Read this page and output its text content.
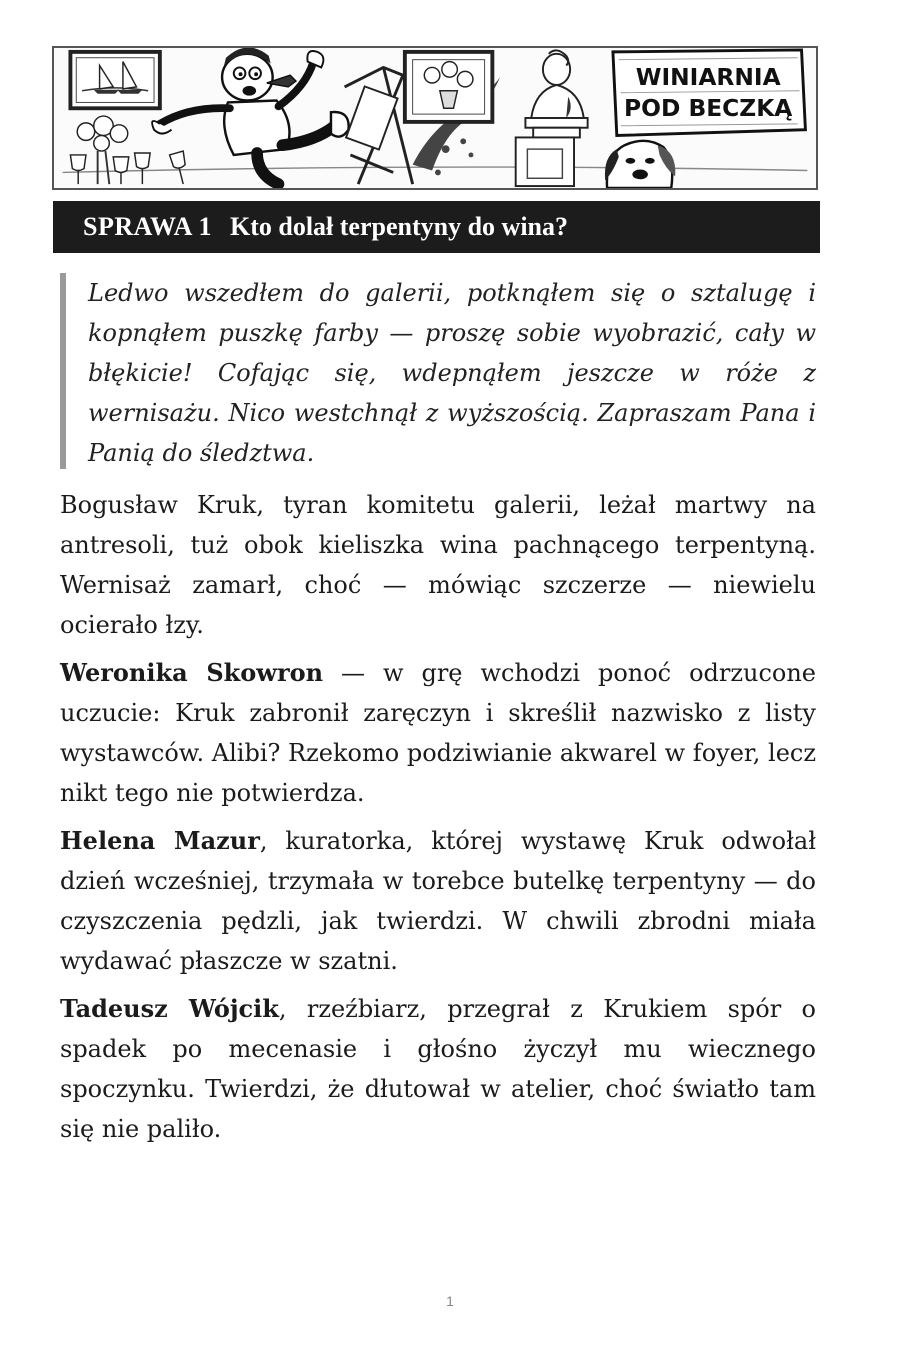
WINIARNIA
POD BECZKĄ
SPRAWA 1 Kto dolał terpentyny do wina?

Ledwo wszedłem do galerii, potknąłem się o sztalugę i kopnąłem puszkę farby — proszę sobie wyobrazić, cały w błękicie! Cofając się, wdepnąłem jeszcze w róże z wernisażu. Nico westchnął z wyższością. Zapraszam Pana i Panią do śledztwa.

Bogusław Kruk, tyran komitetu galerii, leżał martwy na antresoli, tuż obok kieliszka wina pachnącego terpentyną. Wernisaż zamarł, choć — mówiąc szczerze — niewielu ocierało łzy.

Weronika Skowron — w grę wchodzi ponoć odrzucone uczucie: Kruk zabronił zaręczyn i skreślił nazwisko z listy wystawców. Alibi? Rzekomo podziwianie akwarel w foyer, lecz nikt tego nie potwierdza.

Helena Mazur, kuratorka, której wystawę Kruk odwołał dzień wcześniej, trzymała w torebce butelkę terpentyny — do czyszczenia pędzli, jak twierdzi. W chwili zbrodni miała wydawać płaszcze w szatni.

Tadeusz Wójcik, rzeźbiarz, przegrał z Krukiem spór o spadek po mecenasie i głośno życzył mu wiecznego spoczynku. Twierdzi, że dłutował w atelier, choć światło tam się nie paliło.

1
